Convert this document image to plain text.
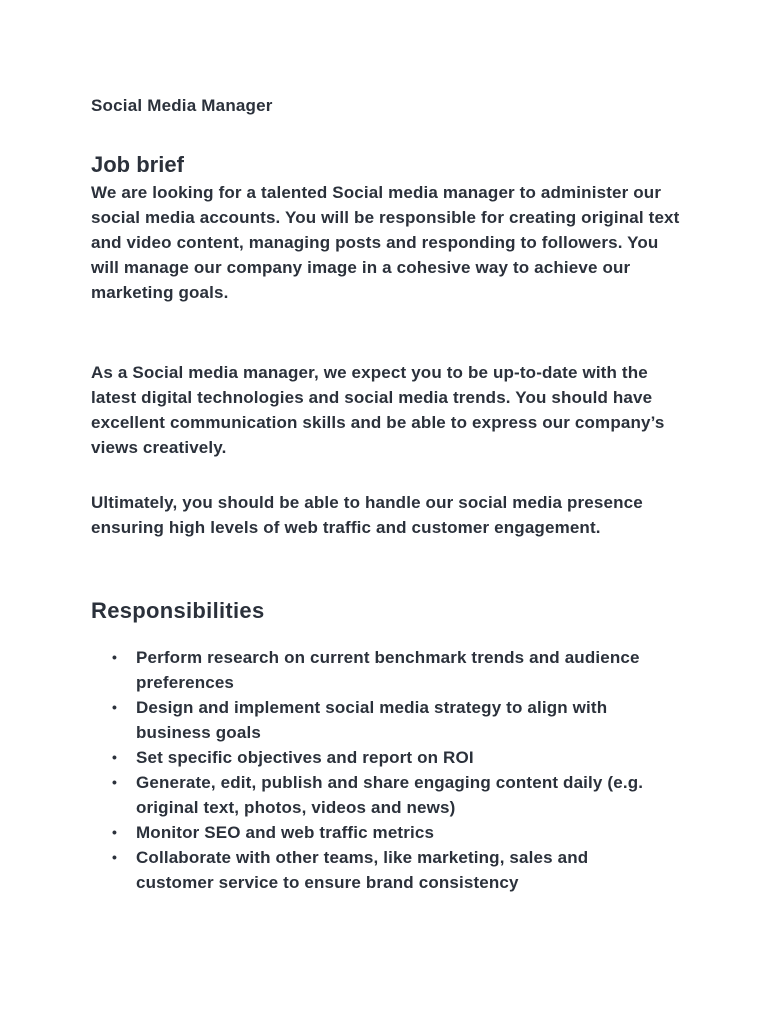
Social Media Manager
Job brief

We are looking for a talented Social media manager to administer our social media accounts. You will be responsible for creating original text and video content, managing posts and responding to followers. You will manage our company image in a cohesive way to achieve our marketing goals.

As a Social media manager, we expect you to be up-to-date with the latest digital technologies and social media trends. You should have excellent communication skills and be able to express our company’s views creatively.

Ultimately, you should be able to handle our social media presence ensuring high levels of web traffic and customer engagement.

Responsibilities
• Perform research on current benchmark trends and audience preferences
• Design and implement social media strategy to align with business goals
• Set specific objectives and report on ROI
• Generate, edit, publish and share engaging content daily (e.g. original text, photos, videos and news)
• Monitor SEO and web traffic metrics
• Collaborate with other teams, like marketing, sales and customer service to ensure brand consistency
